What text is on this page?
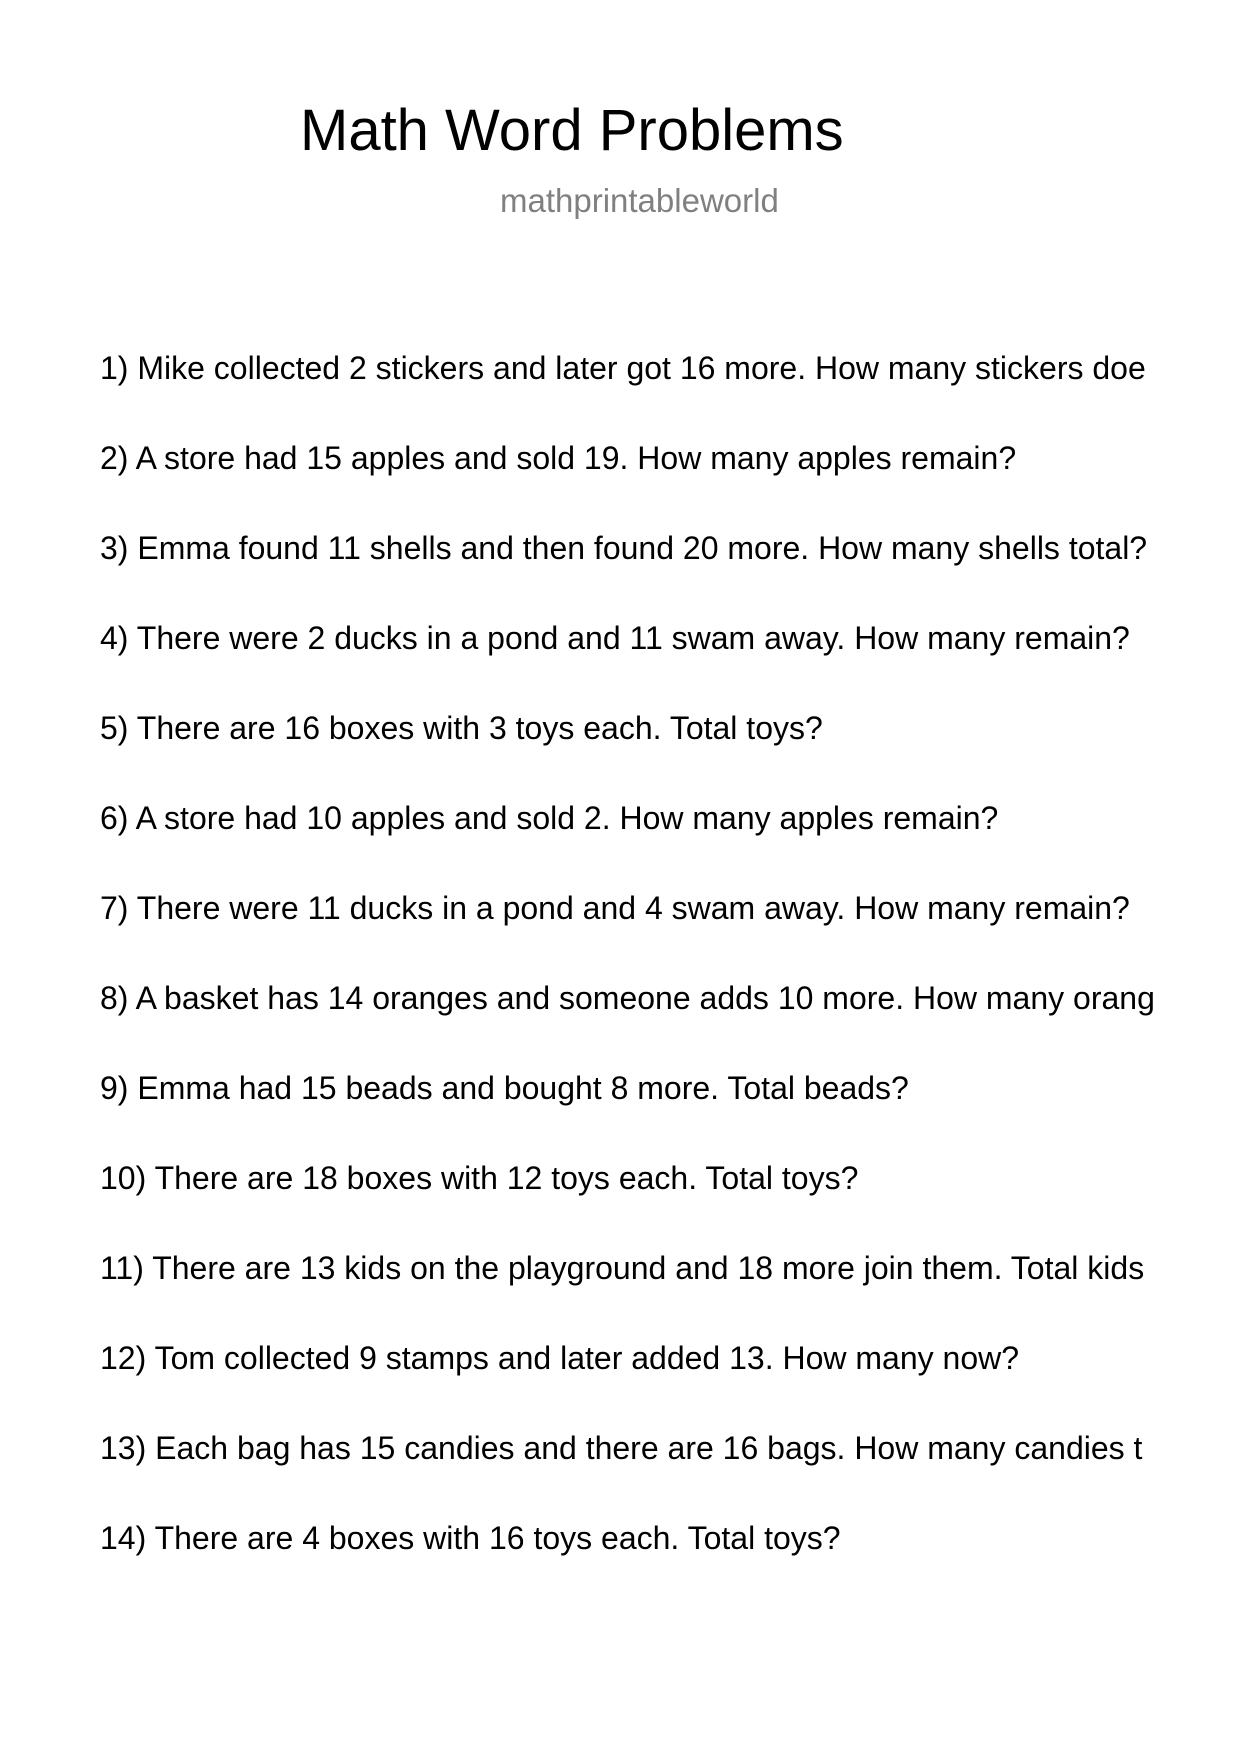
Math Word Problems
mathprintableworld
1) Mike collected 2 stickers and later got 16 more. How many stickers doe
2) A store had 15 apples and sold 19. How many apples remain?
3) Emma found 11 shells and then found 20 more. How many shells total?
4) There were 2 ducks in a pond and 11 swam away. How many remain?
5) There are 16 boxes with 3 toys each. Total toys?
6) A store had 10 apples and sold 2. How many apples remain?
7) There were 11 ducks in a pond and 4 swam away. How many remain?
8) A basket has 14 oranges and someone adds 10 more. How many orang
9) Emma had 15 beads and bought 8 more. Total beads?
10) There are 18 boxes with 12 toys each. Total toys?
11) There are 13 kids on the playground and 18 more join them. Total kids
12) Tom collected 9 stamps and later added 13. How many now?
13) Each bag has 15 candies and there are 16 bags. How many candies t
14) There are 4 boxes with 16 toys each. Total toys?
